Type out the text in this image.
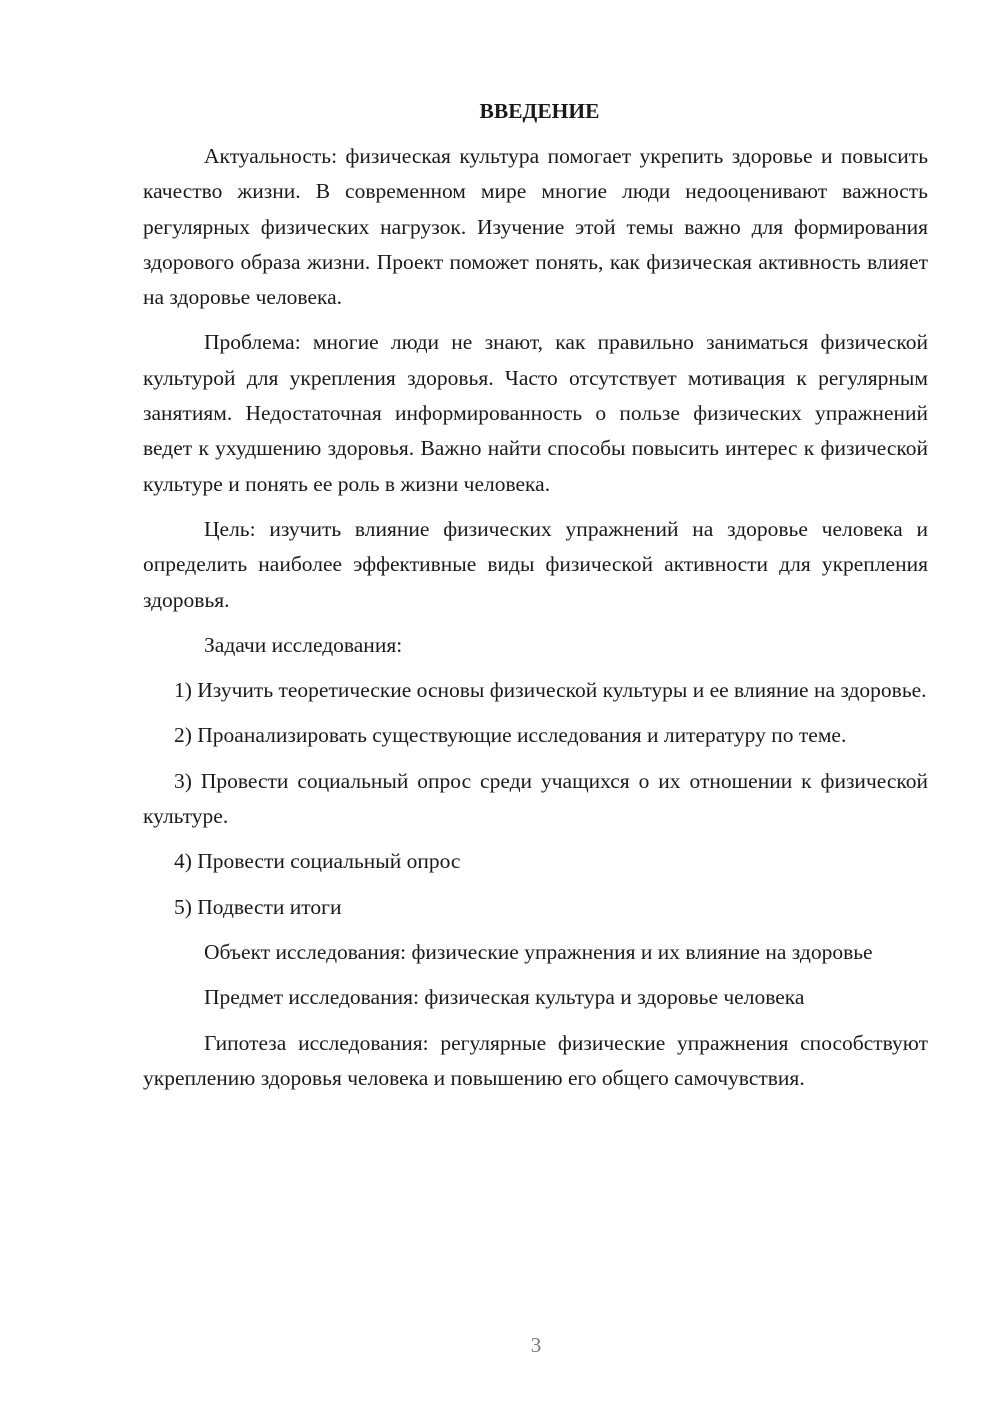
ВВЕДЕНИЕ

Актуальность: физическая культура помогает укрепить здоровье и повысить качество жизни. В современном мире многие люди недооценивают важность регулярных физических нагрузок. Изучение этой темы важно для формирования здорового образа жизни. Проект поможет понять, как физическая активность влияет на здоровье человека.

Проблема: многие люди не знают, как правильно заниматься физической культурой для укрепления здоровья. Часто отсутствует мотивация к регулярным занятиям. Недостаточная информированность о пользе физических упражнений ведет к ухудшению здоровья. Важно найти способы повысить интерес к физической культуре и понять ее роль в жизни человека.

Цель: изучить влияние физических упражнений на здоровье человека и определить наиболее эффективные виды физической активности для укрепления здоровья.

Задачи исследования:

1) Изучить теоретические основы физической культуры и ее влияние на здоровье.

2) Проанализировать существующие исследования и литературу по теме.

3) Провести социальный опрос среди учащихся о их отношении к физической культуре.

4) Провести социальный опрос

5) Подвести итоги

Объект исследования: физические упражнения и их влияние на здоровье

Предмет исследования: физическая культура и здоровье человека

Гипотеза исследования: регулярные физические упражнения способствуют укреплению здоровья человека и повышению его общего самочувствия.

3
